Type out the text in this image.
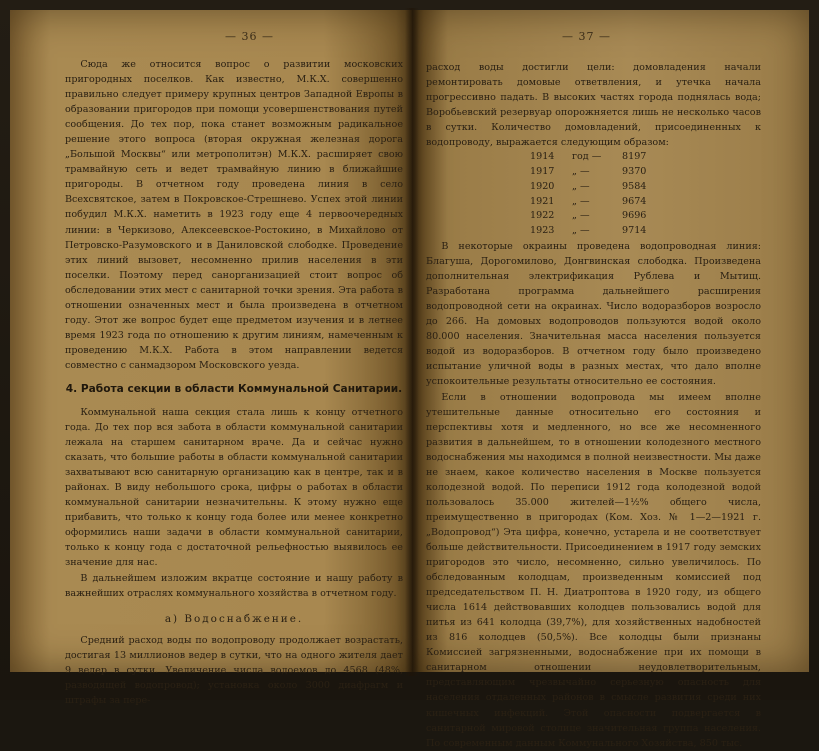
— 36 —

Сюда же относится вопрос о развитии московских пригородных поселков. Как известно, М.К.Х. совершенно правильно следует примеру крупных центров Западной Европы в образовании пригородов при помощи усовершенствования путей сообщения. До тех пор, пока станет возможным радикальное решение этого вопроса (вторая окружная железная дорога „Большой Москвы“ или метрополитэн) М.К.Х. расширяет свою трамвайную сеть и ведет трамвайную линию в ближайшие пригороды. В отчетном году проведена линия в село Всехсвятское, затем в Покровское-Стрешнево. Успех этой линии побудил М.К.Х. наметить в 1923 году еще 4 первоочередных линии: в Черкизово, Алексеевское-Ростокино, в Михайлово от Петровско-Разумовского и в Даниловской слободке. Проведение этих линий вызовет, несомненно прилив населения в эти поселки. Поэтому перед санорганизацией стоит вопрос об обследовании этих мест с санитарной точки зрения. Эта работа в отношении означенных мест и была произведена в отчетном году. Этот же вопрос будет еще предметом изучения и в летнее время 1923 года по отношению к другим линиям, намеченным к проведению М.К.Х. Работа в этом направлении ведется совместно с санмадзором Московского уезда.

4. Работа секции в области Коммунальной Санитарии.

Коммунальной наша секция стала лишь к концу отчетного года. До тех пор вся забота в области коммунальной санитарии лежала на старшем санитарном враче. Да и сейчас нужно сказать, что большие работы в области коммунальной санитарии захватывают всю санитарную организацию как в центре, так и в районах. В виду небольшого срока, цифры о работах в области коммунальной санитарии незначительны. К этому нужно еще прибавить, что только к концу года более или менее конкретно оформились наши задачи в области коммунальной санитарии, только к концу года с достаточной рельефностью выявилось ее значение для нас.

В дальнейшем изложим вкратце состояние и нашу работу в важнейших отраслях коммунального хозяйства в отчетном году.

а) Водоснабжение.

Средний расход воды по водопроводу продолжает возрастать, достигая 13 миллионов ведер в сутки, что на одного жителя дает 9 ведер в сутки. Увеличение числа водоемов до 4568 (48%, разводящей водопровод); установка около 3000 диафрагм и штрафы за пере-

— 37 —

расход воды достигли цели: домовладения начали ремонтировать домовые ответвления, и утечка начала прогрессивно падать. В высоких частях города поднялась вода; Воробьевский резервуар опорожняется лишь не несколько часов в сутки. Количество домовладений, присоединенных к водопроводу, выражается следующим образом:

1914	год —	8197
1917	„ —	9370
1920	„ —	9584
1921	„ —	9674
1922	„ —	9696
1923	„ —	9714

В некоторые окраины проведена водопроводная линия: Благуша, Дорогомилово, Донгвинская слободка. Произведена дополнительная электрификация Рублева и Мытищ. Разработана программа дальнейшего расширения водопроводной сети на окраинах. Число водоразборов возросло до 266. На домовых водопроводов пользуются водой около 80.000 населения. Значительная масса населения пользуется водой из водоразборов. В отчетном году было произведено испытание уличной воды в разных местах, что дало вполне успокоительные результаты относительно ее состояния.

Если в отношении водопровода мы имеем вполне утешительные данные относительно его состояния и перспективы хотя и медленного, но все же несомненного развития в дальнейшем, то в отношении колодезного местного водоснабжения мы находимся в полной неизвестности. Мы даже не знаем, какое количество населения в Москве пользуется колодезной водой. По переписи 1912 года колодезной водой пользовалось 35.000 жителей—1½% общего числа, преимущественно в пригородах (Ком. Хоз. № 1—2—1921 г. „Водопровод“) Эта цифра, конечно, устарела и не соответствует больше действительности. Присоединением в 1917 году земских пригородов это число, несомненно, сильно увеличилось. По обследованным колодцам, произведенным комиссией под председательством П. Н. Диатроптова в 1920 году, из общего числа 1614 действовавших колодцев пользовались водой для питья из 641 колодца (39,7%), для хозяйственных надобностей из 816 колодцев (50,5%). Все колодцы были признаны Комиссией загрязненными, водоснабжение при их помощи в санитарном отношении неудовлетворительным, представляющим чрезвычайно серьезную опасность для населения отдаленных районов в смысле развития среди них кишечных инфекций. Этой опасности подвергается в санитарной мировой столице значительная группа населения. По современным данным Коммунального Хозяйства, 850 тыс.
